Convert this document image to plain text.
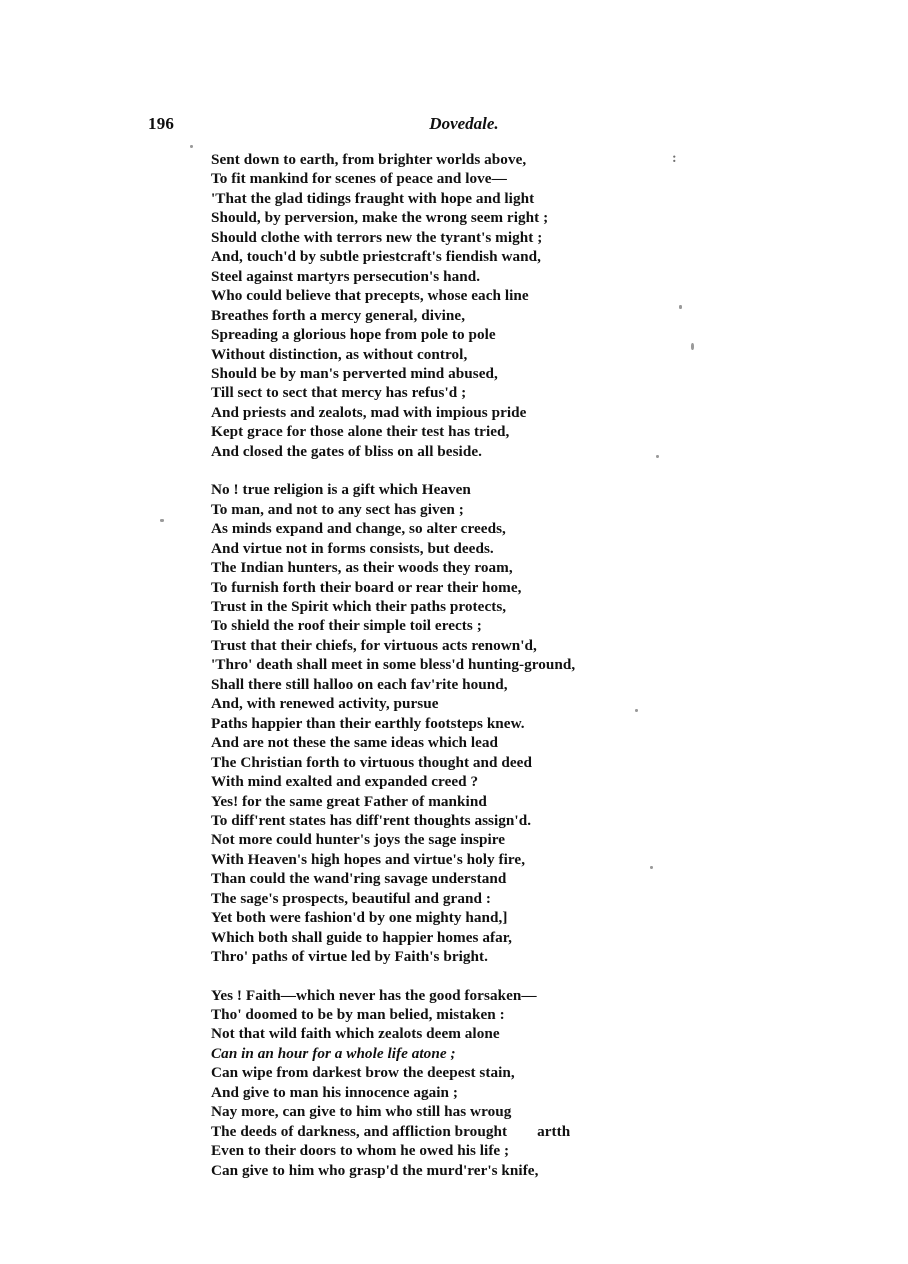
196	Dovedale.
Sent down to earth, from brighter worlds above,
To fit mankind for scenes of peace and love—
'That the glad tidings fraught with hope and light
Should, by perversion, make the wrong seem right ;
Should clothe with terrors new the tyrant's might ;
And, touch'd by subtle priestcraft's fiendish wand,
Steel against martyrs persecution's hand.
Who could believe that precepts, whose each line
Breathes forth a mercy general, divine,
Spreading a glorious hope from pole to pole
Without distinction, as without control,
Should be by man's perverted mind abused,
Till sect to sect that mercy has refus'd ;
And priests and zealots, mad with impious pride
Kept grace for those alone their test has tried,
And closed the gates of bliss on all beside.
No ! true religion is a gift which Heaven
To man, and not to any sect has given ;
As minds expand and change, so alter creeds,
And virtue not in forms consists, but deeds.
The Indian hunters, as their woods they roam,
To furnish forth their board or rear their home,
Trust in the Spirit which their paths protects,
To shield the roof their simple toil erects ;
Trust that their chiefs, for virtuous acts renown'd,
'Thro' death shall meet in some bless'd hunting-ground,
Shall there still halloo on each fav'rite hound,
And, with renewed activity, pursue
Paths happier than their earthly footsteps knew.
And are not these the same ideas which lead
The Christian forth to virtuous thought and deed
With mind exalted and expanded creed ?
Yes! for the same great Father of mankind
To diff'rent states has diff'rent thoughts assign'd.
Not more could hunter's joys the sage inspire
With Heaven's high hopes and virtue's holy fire,
Than could the wand'ring savage understand
The sage's prospects, beautiful and grand :
Yet both were fashion'd by one mighty hand,]
Which both shall guide to happier homes afar,
Thro' paths of virtue led by Faith's bright.
Yes ! Faith—which never has the good forsaken—
Tho' doomed to be by man belied, mistaken :
Not that wild faith which zealots deem alone
Can in an hour for a whole life atone ;
Can wipe from darkest brow the deepest stain,
And give to man his innocence again ;
Nay more, can give to him who still has wroug
The deeds of darkness, and affliction brought artth
Even to their doors to whom he owed his life ;
Can give to him who grasp'd the murd'rer's knife,
:
